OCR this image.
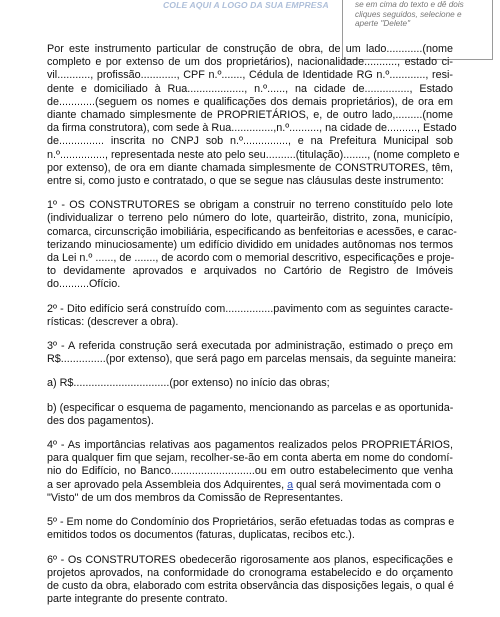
COLE AQUI A LOGO DA SUA EMPRESA	se em cima do texto e dê dois
cliques seguidos, selecione e
aperte "Delete"
Por este instrumento particular de construção de obra, de um lado............(nome
completo e por extenso de um dos proprietários), nacionalidade..........., estado ci-
vil..........., profissão............, CPF n.º......., Cédula de Identidade RG n.º............, resi-
dente e domiciliado à Rua..................., n.º......, na cidade de..............., Estado
de............(seguem os nomes e qualificações dos demais proprietários), de ora em
diante chamado simplesmente de PROPRIETÁRIOS, e, de outro lado,.........(nome
da firma construtora), com sede à Rua..............,n.º.........., na cidade de.........., Estado
de............... inscrita no CNPJ sob n.º..............., e na Prefeitura Municipal sob
n.º..............., representada neste ato pelo seu..........(titulação)........, (nome completo e
por extenso), de ora em diante chamada simplesmente de CONSTRUTORES, têm,
entre si, como justo e contratado, o que se segue nas cláusulas deste instrumento:
1º - OS CONSTRUTORES se obrigam a construir no terreno constituído pelo lote
(individualizar o terreno pelo número do lote, quarteirão, distrito, zona, município,
comarca, circunscrição imobiliária, especificando as benfeitorias e acessões, e carac-
terizando minuciosamente) um edifício dividido em unidades autônomas nos termos
da Lei n.º ......, de ......., de acordo com o memorial descritivo, especificações e proje-
to devidamente aprovados e arquivados no Cartório de Registro de Imóveis
do..........Ofício.
2º - Dito edifício será construído com................pavimento com as seguintes caracte-
rísticas: (descrever a obra).
3º - A referida construção será executada por administração, estimado o preço em
R$...............(por extenso), que será pago em parcelas mensais, da seguinte maneira:
a) R$................................(por extenso) no início das obras;
b) (especificar o esquema de pagamento, mencionando as parcelas e as oportunida-
des dos pagamentos).
4º - As importâncias relativas aos pagamentos realizados pelos PROPRIETÁRIOS,
para qualquer fim que sejam, recolher-se-ão em conta aberta em nome do condomí-
nio do Edifício, no Banco............................ou em outro estabelecimento que venha
a ser aprovado pela Assembleia dos Adquirentes, a qual será movimentada com o
"Visto" de um dos membros da Comissão de Representantes.
5º - Em nome do Condomínio dos Proprietários, serão efetuadas todas as compras e
emitidos todos os documentos (faturas, duplicatas, recibos etc.).
6º - Os CONSTRUTORES obedecerão rigorosamente aos planos, especificações e
projetos aprovados, na conformidade do cronograma estabelecido e do orçamento
de custo da obra, elaborado com estrita observância das disposições legais, o qual é
parte integrante do presente contrato.
